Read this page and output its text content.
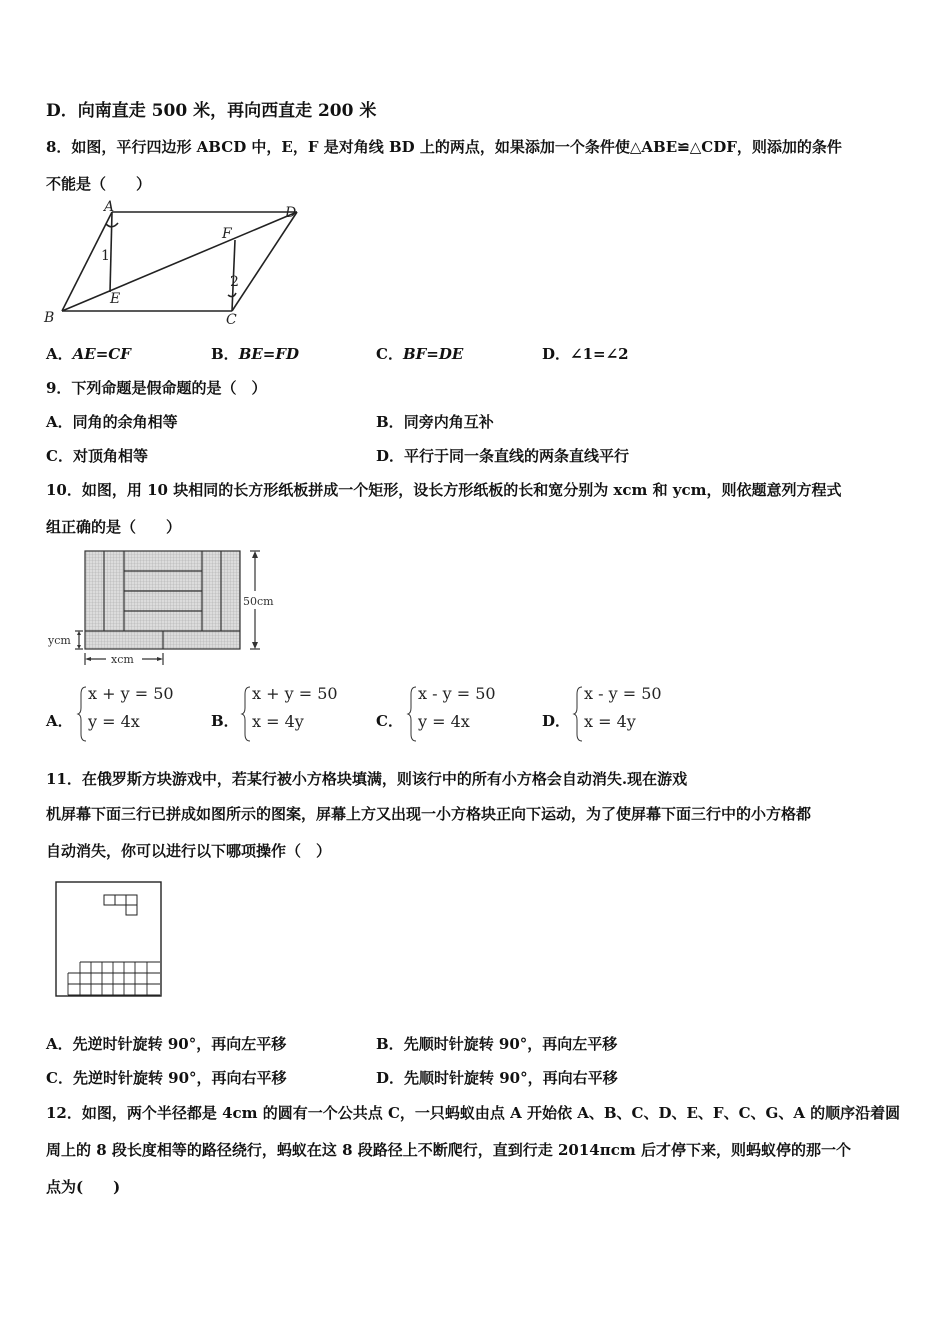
D．向南直走 500 米，再向西直走 200 米
8．如图，平行四边形 ABCD 中，E，F 是对角线 BD 上的两点，如果添加一个条件使△ABE≌△CDF，则添加的条件
不能是（　　）
A	D
F
1
2
E
B	C
A．AE=CF	B．BE=FD	C．BF=DE	D．∠1=∠2
9．下列命题是假命题的是（　）
A．同角的余角相等	B．同旁内角互补
C．对顶角相等	D．平行于同一条直线的两条直线平行
10．如图，用 10 块相同的长方形纸板拼成一个矩形，设长方形纸板的长和宽分别为 xcm 和 ycm，则依题意列方程式
组正确的是（　　）
50cm
ycm
xcm
A．
x + y = 50
y = 4x	B．
x + y = 50
x = 4y	C．
x - y = 50
y = 4x	D．
x - y = 50
x = 4y
11．在俄罗斯方块游戏中，若某行被小方格块填满，则该行中的所有小方格会自动消失.现在游戏
机屏幕下面三行已拼成如图所示的图案，屏幕上方又出现一小方格块正向下运动，为了使屏幕下面三行中的小方格都
自动消失，你可以进行以下哪项操作（　）
A．先逆时针旋转 90°，再向左平移	B．先顺时针旋转 90°，再向左平移
C．先逆时针旋转 90°，再向右平移	D．先顺时针旋转 90°，再向右平移
12．如图，两个半径都是 4cm 的圆有一个公共点 C，一只蚂蚁由点 A 开始依 A、B、C、D、E、F、C、G、A 的顺序沿着圆
周上的 8 段长度相等的路径绕行，蚂蚁在这 8 段路径上不断爬行，直到行走 2014πcm 后才停下来，则蚂蚁停的那一个
点为(　　)
